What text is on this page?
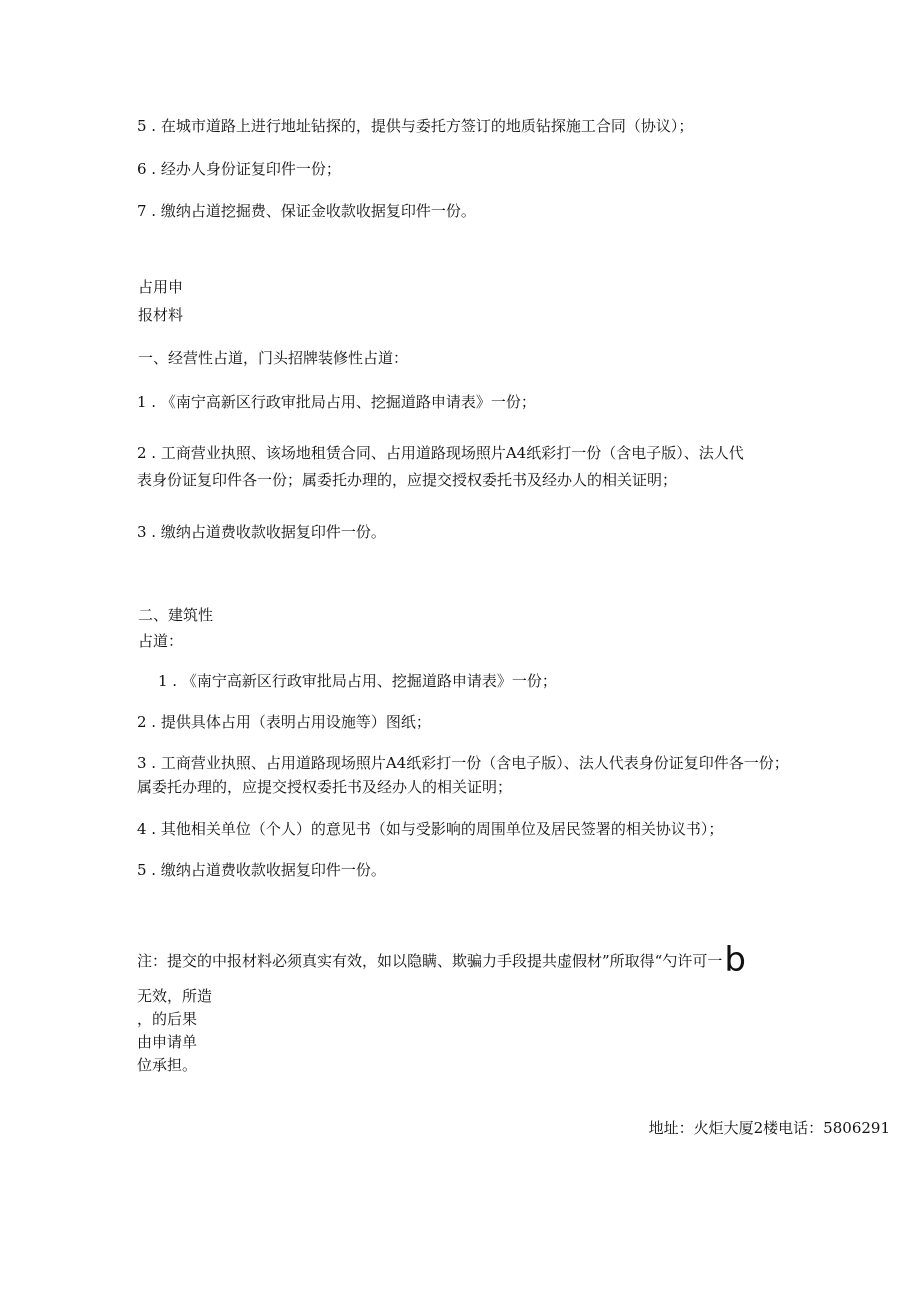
5 . 在城市道路上进行地址钻探的，提供与委托方签订的地质钻探施工合同（协议）；
6 . 经办人身份证复印件一份；
7 . 缴纳占道挖掘费、保证金收款收据复印件一份。
占用申
报材料
一、经营性占道，门头招牌装修性占道：
1 . 《南宁高新区行政审批局占用、挖掘道路申请表》一份；
2 . 工商营业执照、该场地租赁合同、占用道路现场照片A4纸彩打一份（含电子版）、法人代
表身份证复印件各一份；属委托办理的，应提交授权委托书及经办人的相关证明；
3 . 缴纳占道费收款收据复印件一份。
二、建筑性
占道：
1 . 《南宁高新区行政审批局占用、挖掘道路申请表》一份；
2 . 提供具体占用（表明占用设施等）图纸；
3 . 工商营业执照、占用道路现场照片A4纸彩打一份（含电子版）、法人代表身份证复印件各一份；
属委托办理的，应提交授权委托书及经办人的相关证明；
4 . 其他相关单位（个人）的意见书（如与受影响的周围单位及居民签署的相关协议书）；
5 . 缴纳占道费收款收据复印件一份。
注：提交的中报材料必须真实有效，如以隐瞒、欺骗力手段提共虚假材”所取得“勺许可一b
无效，所造
，的后果
由申请单
位承担。
地址：火炬大厦2楼电话：5806291
